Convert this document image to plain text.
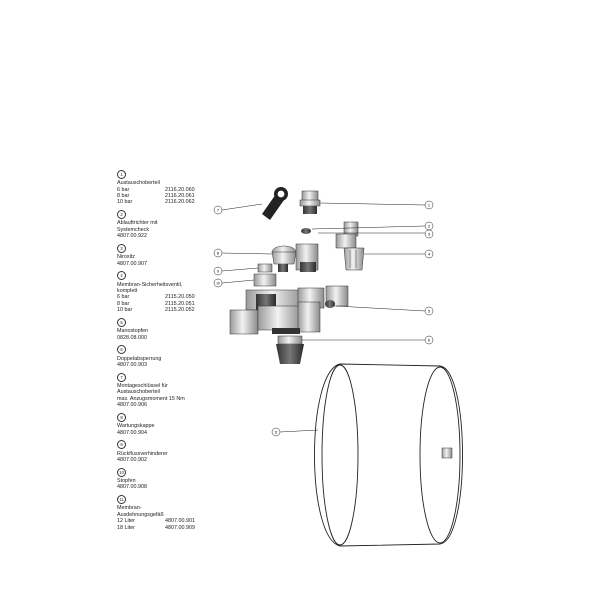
1
Austauschoberteil
6 bar	2116.20.060
8 bar	2116.20.061
10 bar	2116.20.062
2
Ablauftrichter mit
Systemcheck
4807.00.922
3
Nirositz
4807.00.907
4
Membran-Sicherheitsventil,
komplett
6 bar	2115.20.050
8 bar	2115.20.051
10 bar	2115.20.052
5
Manostopfen
0828.08.000
6
Doppelabsperrung
4807.00.903
7
Montageschlüssel für
Austauschoberteil
max. Anzugsmoment 15 Nm
4807.00.906
8
Wartungskappe
4807.00.904
9
Rückflussverhinderer
4807.00.902
10
Stopfen
4807.00.908
11
Membran-
Ausdehnungsgefäß
12 Liter	4807.00.901
18 Liter	4807.00.909
7
1
2
3
8	4
9
10
5
6
11
